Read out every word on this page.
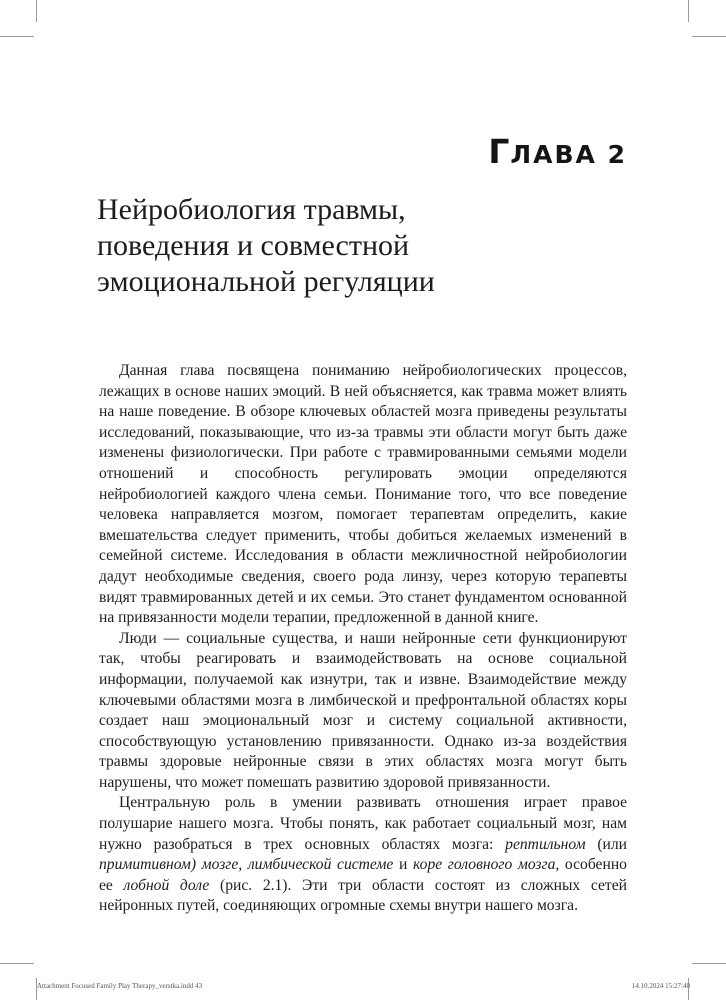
ГЛАВА 2
Нейробиология травмы,
поведения и совместной
эмоциональной регуляции

Данная глава посвящена пониманию нейробиологических процессов, лежащих в основе наших эмоций. В ней объясняется, как травма может влиять на наше поведение. В обзоре ключевых областей мозга приведены результаты исследований, показывающие, что из-за травмы эти области могут быть даже изменены физиологически. При работе с травмированными семьями модели отношений и способность регулировать эмоции определяются нейробиологией каждого члена семьи. Понимание того, что все поведение человека направляется мозгом, помогает терапевтам определить, какие вмешательства следует применить, чтобы добиться желаемых изменений в семейной системе. Исследования в области межличностной нейробиологии дадут необходимые сведения, своего рода линзу, через которую терапевты видят травмированных детей и их семьи. Это станет фундаментом основанной на привязанности модели терапии, предложенной в данной книге.

Люди — социальные существа, и наши нейронные сети функционируют так, чтобы реагировать и взаимодействовать на основе социальной информации, получаемой как изнутри, так и извне. Взаимодействие между ключевыми областями мозга в лимбической и префронтальной областях коры создает наш эмоциональный мозг и систему социальной активности, способствующую установлению привязанности. Однако из-за воздействия травмы здоровые нейронные связи в этих областях мозга могут быть нарушены, что может помешать развитию здоровой привязанности.

Центральную роль в умении развивать отношения играет правое полушарие нашего мозга. Чтобы понять, как работает социальный мозг, нам нужно разобраться в трех основных областях мозга: рептильном (или примитивном) мозге, лимбической системе и коре головного мозга, особенно ее лобной доле (рис. 2.1). Эти три области состоят из сложных сетей нейронных путей, соединяющих огромные схемы внутри нашего мозга.

Attachment Focused Family Play Therapy_verstka.indd 43	14.10.2024 15:27:40
